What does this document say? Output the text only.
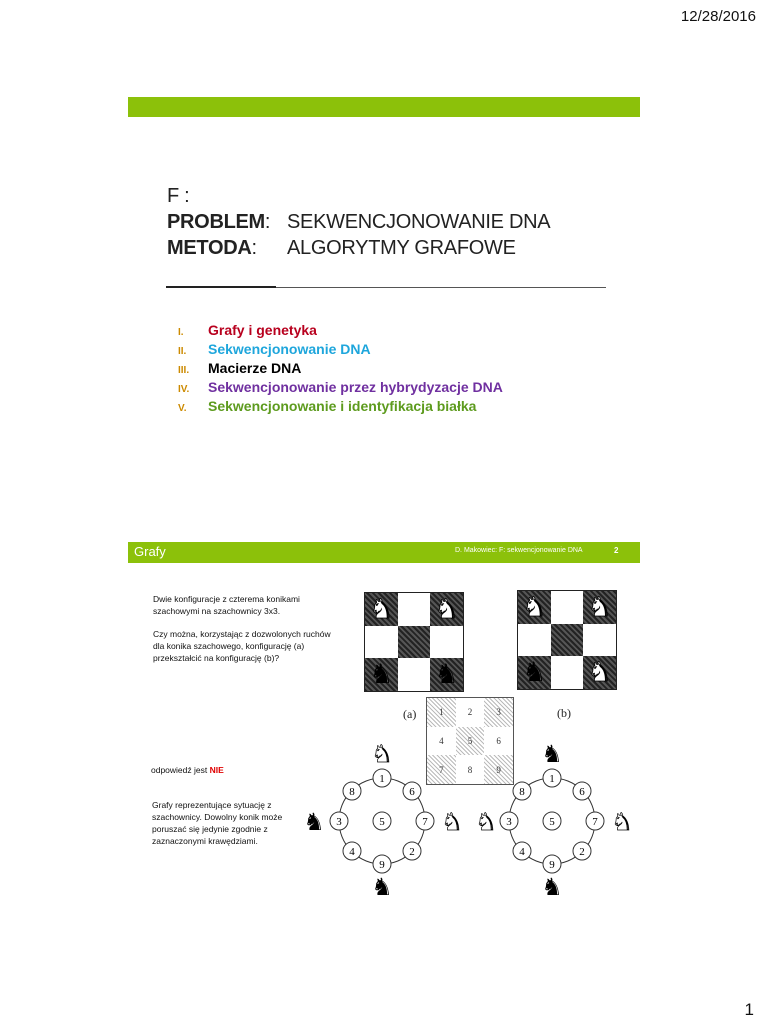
12/28/2016
F :
PROBLEM: SEKWENCJONOWANIE DNA
METODA: ALGORYTMY GRAFOWE
I. Grafy i genetyka
II. Sekwencjonowanie DNA
III. Macierze DNA
IV. Sekwencjonowanie przez hybrydyzacje DNA
V. Sekwencjonowanie i identyfikacja białka
Grafy	D. Makowiec: F: sekwencjonowanie DNA	2
Dwie konfiguracje z czterema konikami szachowymi na szachownicy 3x3.
Czy można, korzystając z dozwolonych ruchów dla konika szachowego, konfigurację (a) przekształcić na konfigurację (b)?
odpowiedź jest NIE
Grafy reprezentujące sytuację z szachownicy. Dowolny konik może poruszać się jedynie zgodnie z zaznaczonymi krawędziami.
♞ ♞
♞ ♞
♞ ♞
♞ ♞
(a)	(b)
1	2	3
4	5	6
7	8	9
1
6
7
2
9
4
3
8
5
♞
♞
♞
♞
1
6
7
2
9
4
3
8
5
♞
♞
♞
♞
1
